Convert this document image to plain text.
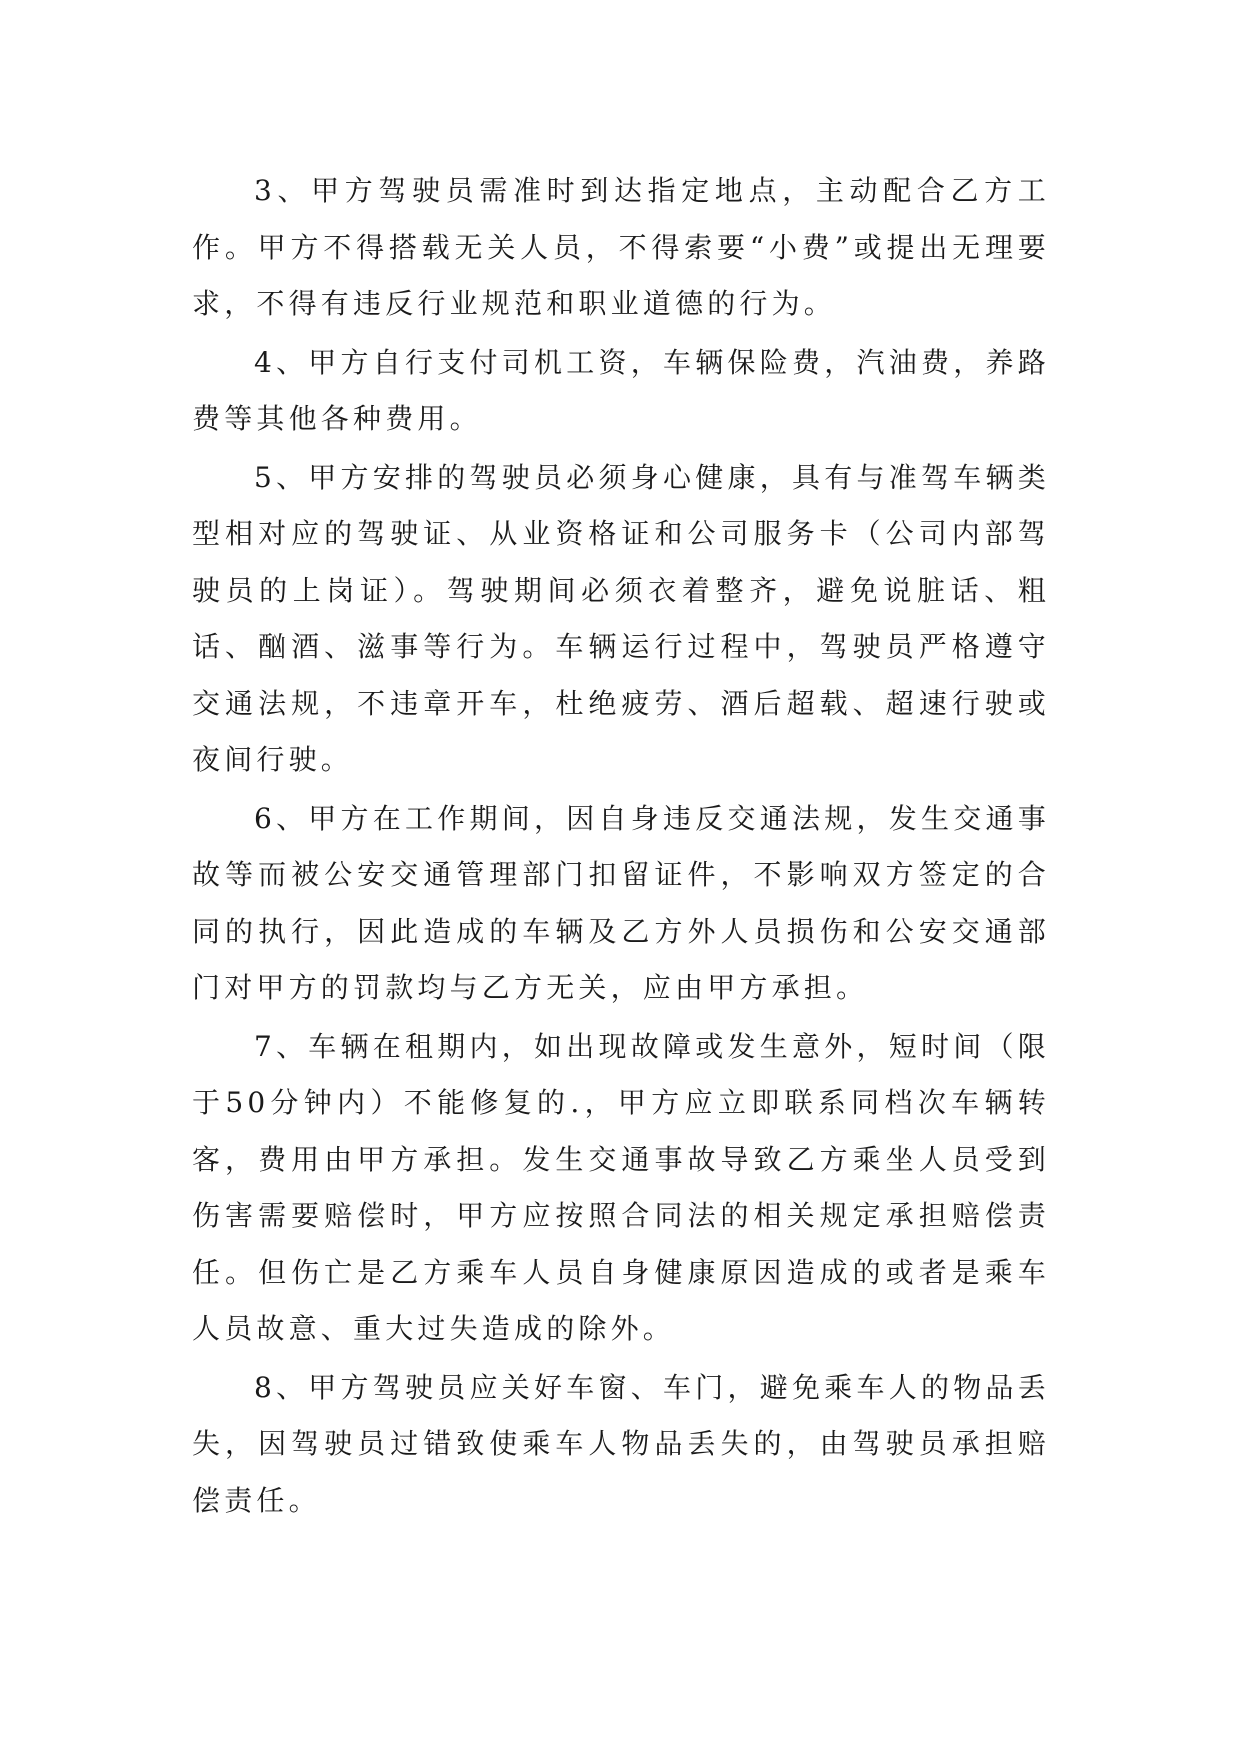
3、甲方驾驶员需准时到达指定地点，主动配合乙方工作。甲方不得搭载无关人员，不得索要“小费”或提出无理要求，不得有违反行业规范和职业道德的行为。

4、甲方自行支付司机工资，车辆保险费，汽油费，养路费等其他各种费用。

5、甲方安排的驾驶员必须身心健康，具有与准驾车辆类型相对应的驾驶证、从业资格证和公司服务卡（公司内部驾驶员的上岗证）。驾驶期间必须衣着整齐，避免说脏话、粗话、酗酒、滋事等行为。车辆运行过程中，驾驶员严格遵守交通法规，不违章开车，杜绝疲劳、酒后超载、超速行驶或夜间行驶。

6、甲方在工作期间，因自身违反交通法规，发生交通事故等而被公安交通管理部门扣留证件，不影响双方签定的合同的执行，因此造成的车辆及乙方外人员损伤和公安交通部门对甲方的罚款均与乙方无关，应由甲方承担。

7、车辆在租期内，如出现故障或发生意外，短时间（限于50分钟内）不能修复的.，甲方应立即联系同档次车辆转客，费用由甲方承担。发生交通事故导致乙方乘坐人员受到伤害需要赔偿时，甲方应按照合同法的相关规定承担赔偿责任。但伤亡是乙方乘车人员自身健康原因造成的或者是乘车人员故意、重大过失造成的除外。

8、甲方驾驶员应关好车窗、车门，避免乘车人的物品丢失，因驾驶员过错致使乘车人物品丢失的，由驾驶员承担赔偿责任。
